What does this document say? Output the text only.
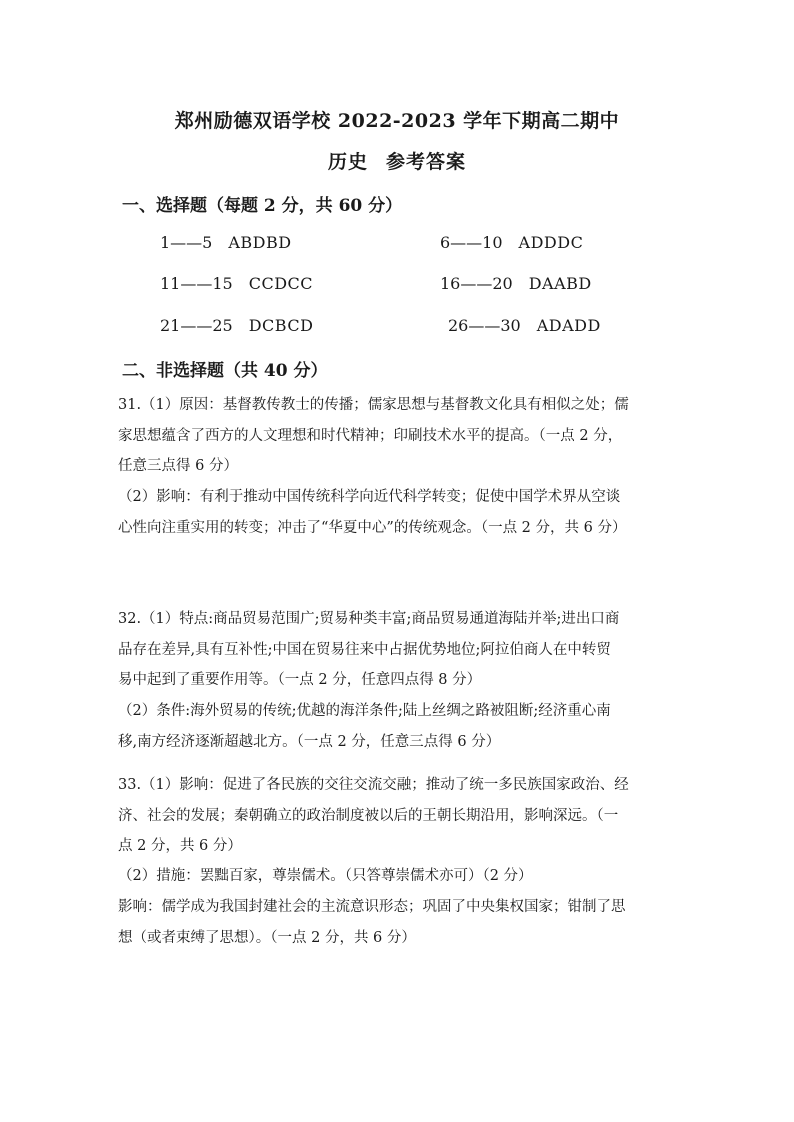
郑州励德双语学校 2022-2023 学年下期高二期中
历史 参考答案
一、选择题（每题 2 分，共 60 分）
1——5 ABDBD	6——10 ADDDC
11——15 CCDCC	16——20 DAABD
21——25 DCBCD	26——30 ADADD
二、非选择题（共 40 分）
31.（1）原因：基督教传教士的传播；儒家思想与基督教文化具有相似之处；儒
家思想蕴含了西方的人文理想和时代精神；印刷技术水平的提高。（一点 2 分，
任意三点得 6 分）
（2）影响：有利于推动中国传统科学向近代科学转变；促使中国学术界从空谈
心性向注重实用的转变；冲击了“华夏中心”的传统观念。（一点 2 分，共 6 分）
32.（1）特点:商品贸易范围广;贸易种类丰富;商品贸易通道海陆并举;进出口商
品存在差异,具有互补性;中国在贸易往来中占据优势地位;阿拉伯商人在中转贸
易中起到了重要作用等。（一点 2 分，任意四点得 8 分）
（2）条件:海外贸易的传统;优越的海洋条件;陆上丝绸之路被阻断;经济重心南
移,南方经济逐渐超越北方。（一点 2 分，任意三点得 6 分）
33.（1）影响：促进了各民族的交往交流交融；推动了统一多民族国家政治、经
济、社会的发展；秦朝确立的政治制度被以后的王朝长期沿用，影响深远。（一
点 2 分，共 6 分）
（2）措施：罢黜百家，尊崇儒术。（只答尊崇儒术亦可）（2 分）
影响：儒学成为我国封建社会的主流意识形态；巩固了中央集权国家；钳制了思
想（或者束缚了思想）。（一点 2 分，共 6 分）
